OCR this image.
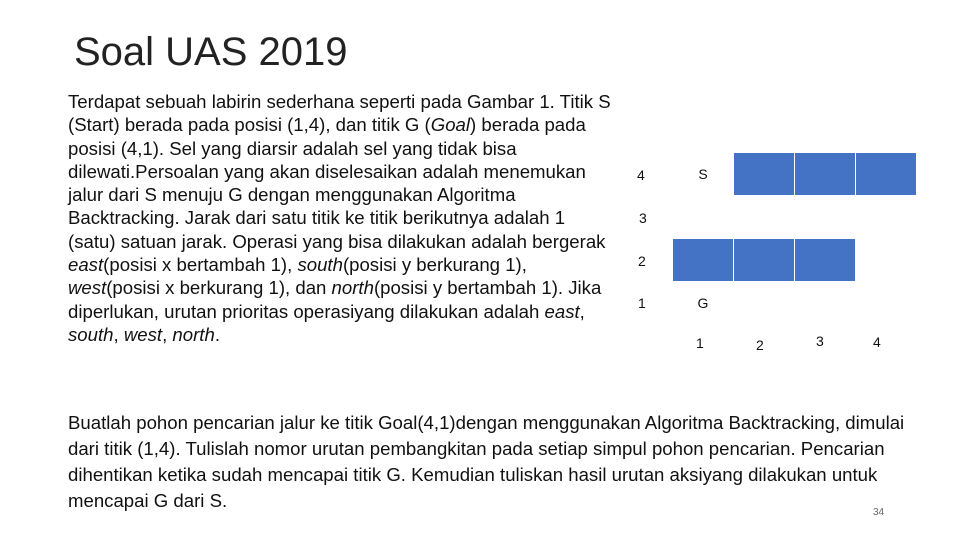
Soal UAS 2019
Terdapat sebuah labirin sederhana seperti pada Gambar 1. Titik S (Start) berada pada posisi (1,4), dan titik G (Goal) berada pada posisi (4,1). Sel yang diarsir adalah sel yang tidak bisa dilewati.Persoalan yang akan diselesaikan adalah menemukan jalur dari S menuju G dengan menggunakan Algoritma Backtracking. Jarak dari satu titik ke titik berikutnya adalah 1 (satu) satuan jarak. Operasi yang bisa dilakukan adalah bergerak east(posisi x bertambah 1), south(posisi y berkurang 1), west(posisi x berkurang 1), dan north(posisi y bertambah 1). Jika diperlukan, urutan prioritas operasiyang dilakukan adalah east, south, west, north.
4
3
2
1
S			

G			
1	2	3	4
Buatlah pohon pencarian jalur ke titik Goal(4,1)dengan menggunakan Algoritma Backtracking, dimulai dari titik (1,4). Tulislah nomor urutan pembangkitan pada setiap simpul pohon pencarian. Pencarian dihentikan ketika sudah mencapai titik G. Kemudian tuliskan hasil urutan aksiyang dilakukan untuk mencapai G dari S.
34
